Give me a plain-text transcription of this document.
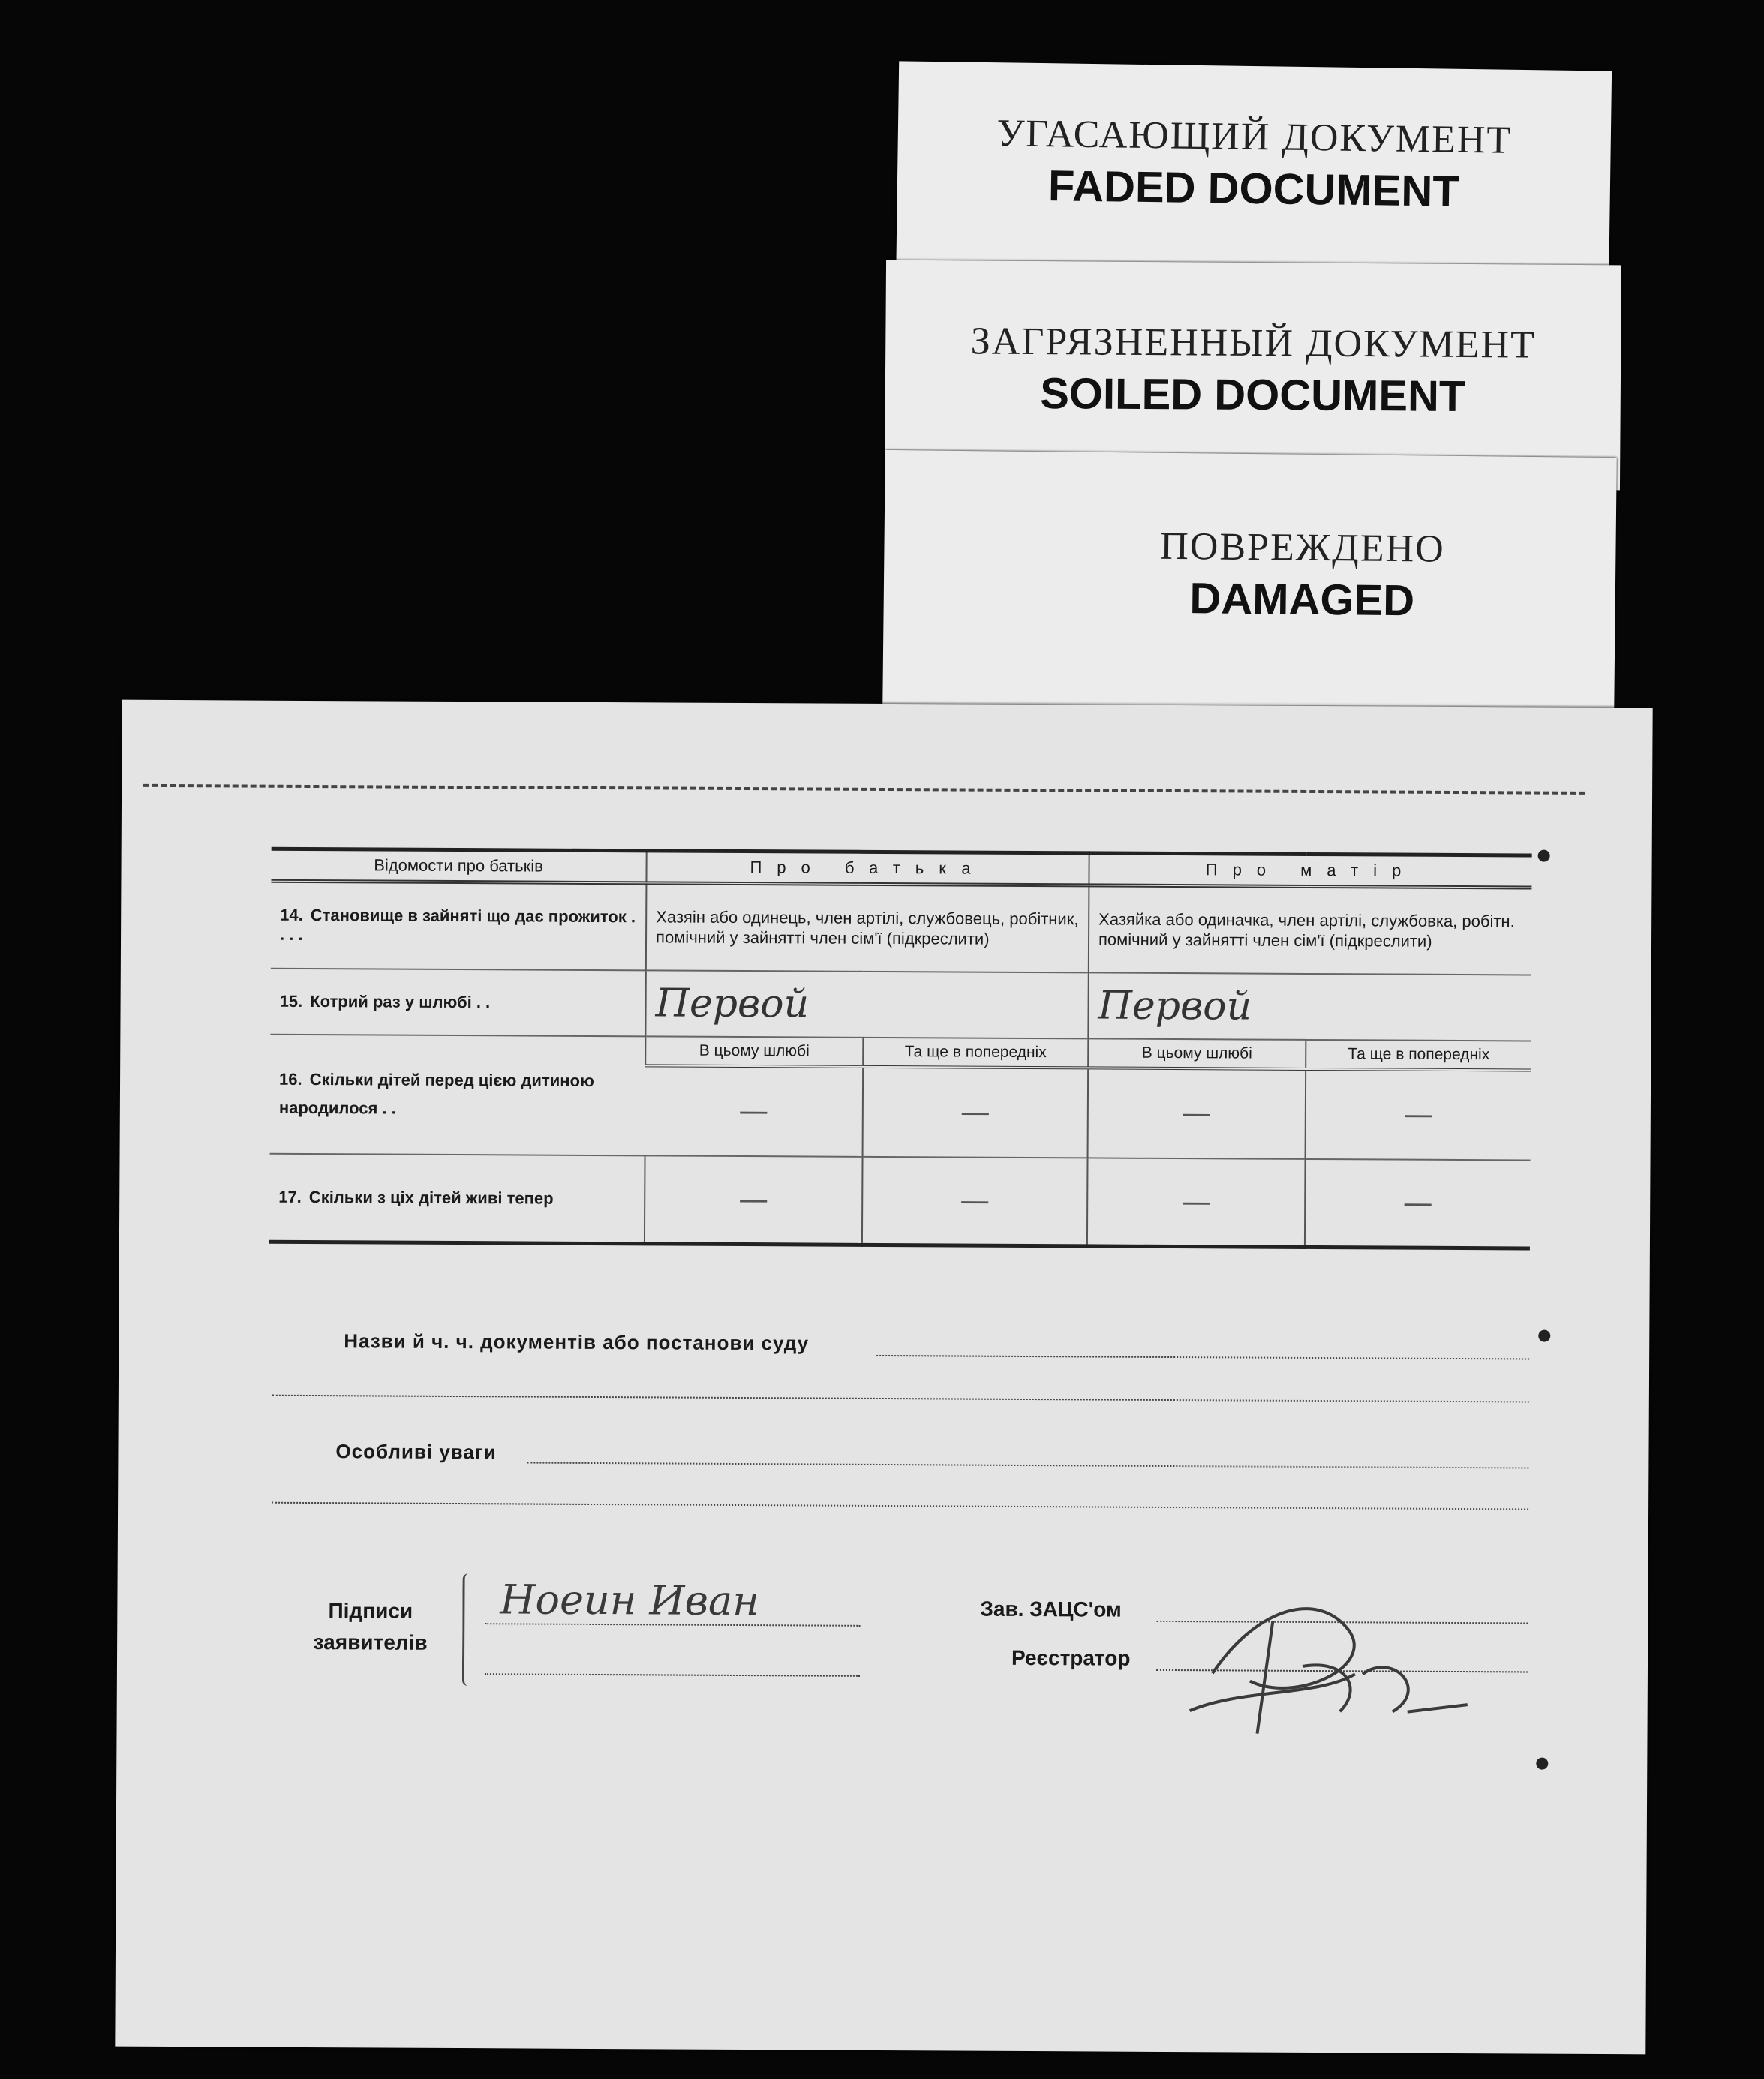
УГАСАЮЩИЙ ДОКУМЕНТ
FADED DOCUMENT
ЗАГРЯЗНЕННЫЙ ДОКУМЕНТ
SOILED DOCUMENT
ПОВРЕЖДЕНО
DAMAGED
Відомости про батьків	Про батька		Про матір	
14. Становище в зайняті що дає прожиток . . . .	Хазяін або одинець, член артілі, службовець, робітник, помічний у зайнятті член сім'ї (підкреслити)		Хазяйка або одиначка, член артілі, службовка, робітн. помічний у зайнятті член сім'ї (підкреслити)	
15. Котрий раз у шлюбі . .	Первой		Первой	
16. Скільки дітей перед цією дитиною народилося . .	В цьому шлюбі	Та ще в попередніх	В цьому шлюбі	Та ще в попередніх
	—	—	—	—
17. Скільки з ціх дітей живі тепер	—	—	—	—
Назви й ч. ч. документів або постанови суду
Особливі уваги
Підписи
заявителів
Ноеин Иван	Зав. ЗАЦС'ом
Реєстратор
